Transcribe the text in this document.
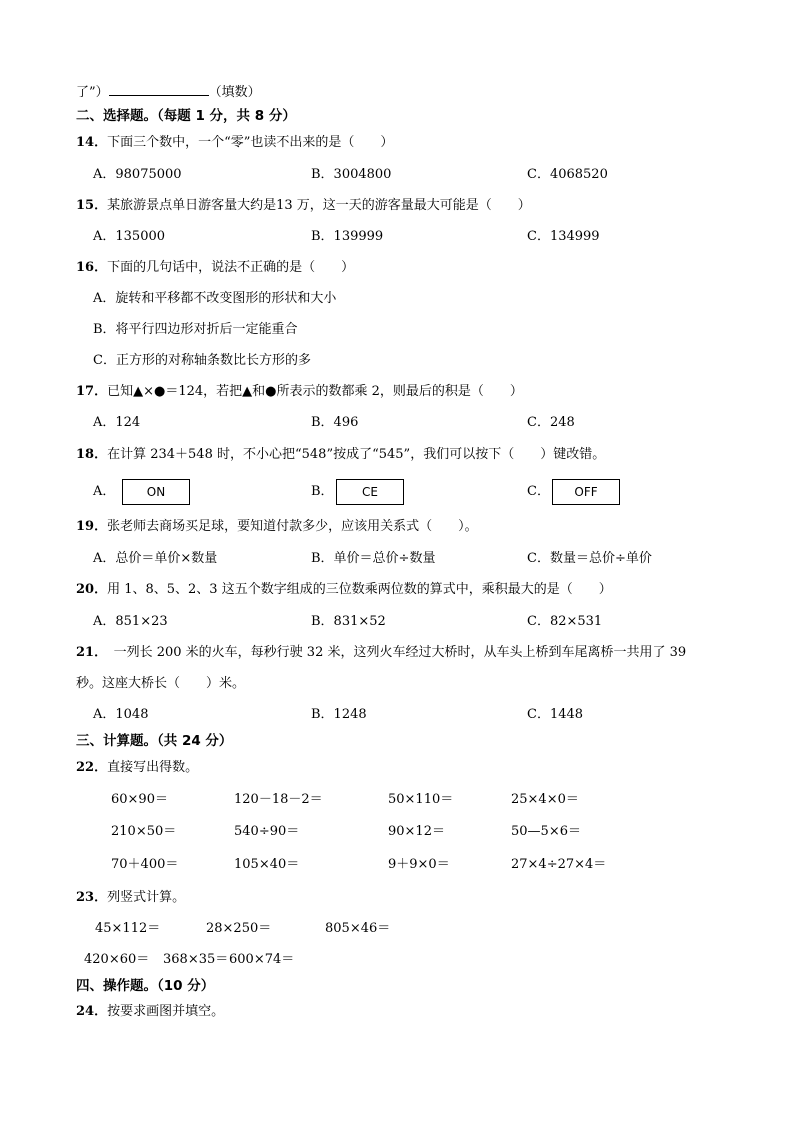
了”）	（填数）
二、选择题。（每题 1 分，共 8 分）
14．下面三个数中，一个“零”也读不出来的是（　　）
A．98075000	B．3004800	C．4068520
15．某旅游景点单日游客量大约是13 万，这一天的游客量最大可能是（　　）
A．135000	B．139999	C．134999
16．下面的几句话中，说法不正确的是（　　）
A．旋转和平移都不改变图形的形状和大小
B．将平行四边形对折后一定能重合
C．正方形的对称轴条数比长方形的多
17．已知▲×●＝124，若把▲和●所表示的数都乘 2，则最后的积是（　　）
A．124	B．496	C．248
18．在计算 234＋548 时，不小心把“548”按成了“545”，我们可以按下（　　）键改错。
A．	ON	B．	CE	C．	OFF
19．张老师去商场买足球，要知道付款多少，应该用关系式（　　）。
A．总价＝单价×数量	B．单价＝总价÷数量	C．数量＝总价÷单价
20．用 1、8、5、2、3 这五个数字组成的三位数乘两位数的算式中，乘积最大的是（　　）
A．851×23	B．831×52	C．82×531
21．　一列长 200 米的火车，每秒行驶 32 米，这列火车经过大桥时，从车头上桥到车尾离桥一共用了 39
秒。这座大桥长（　　）米。
A．1048	B．1248	C．1448
三、计算题。（共 24 分）
22．直接写出得数。
60×90＝	120－18－2＝	50×110＝	25×4×0＝
210×50＝	540÷90＝	90×12＝	50—5×6＝
70＋400＝	105×40＝	9＋9×0＝	27×4÷27×4＝
23．列竖式计算。
45×112＝	28×250＝	805×46＝
420×60＝ 368×35＝ 600×74＝
四、操作题。（10 分）
24．按要求画图并填空。
